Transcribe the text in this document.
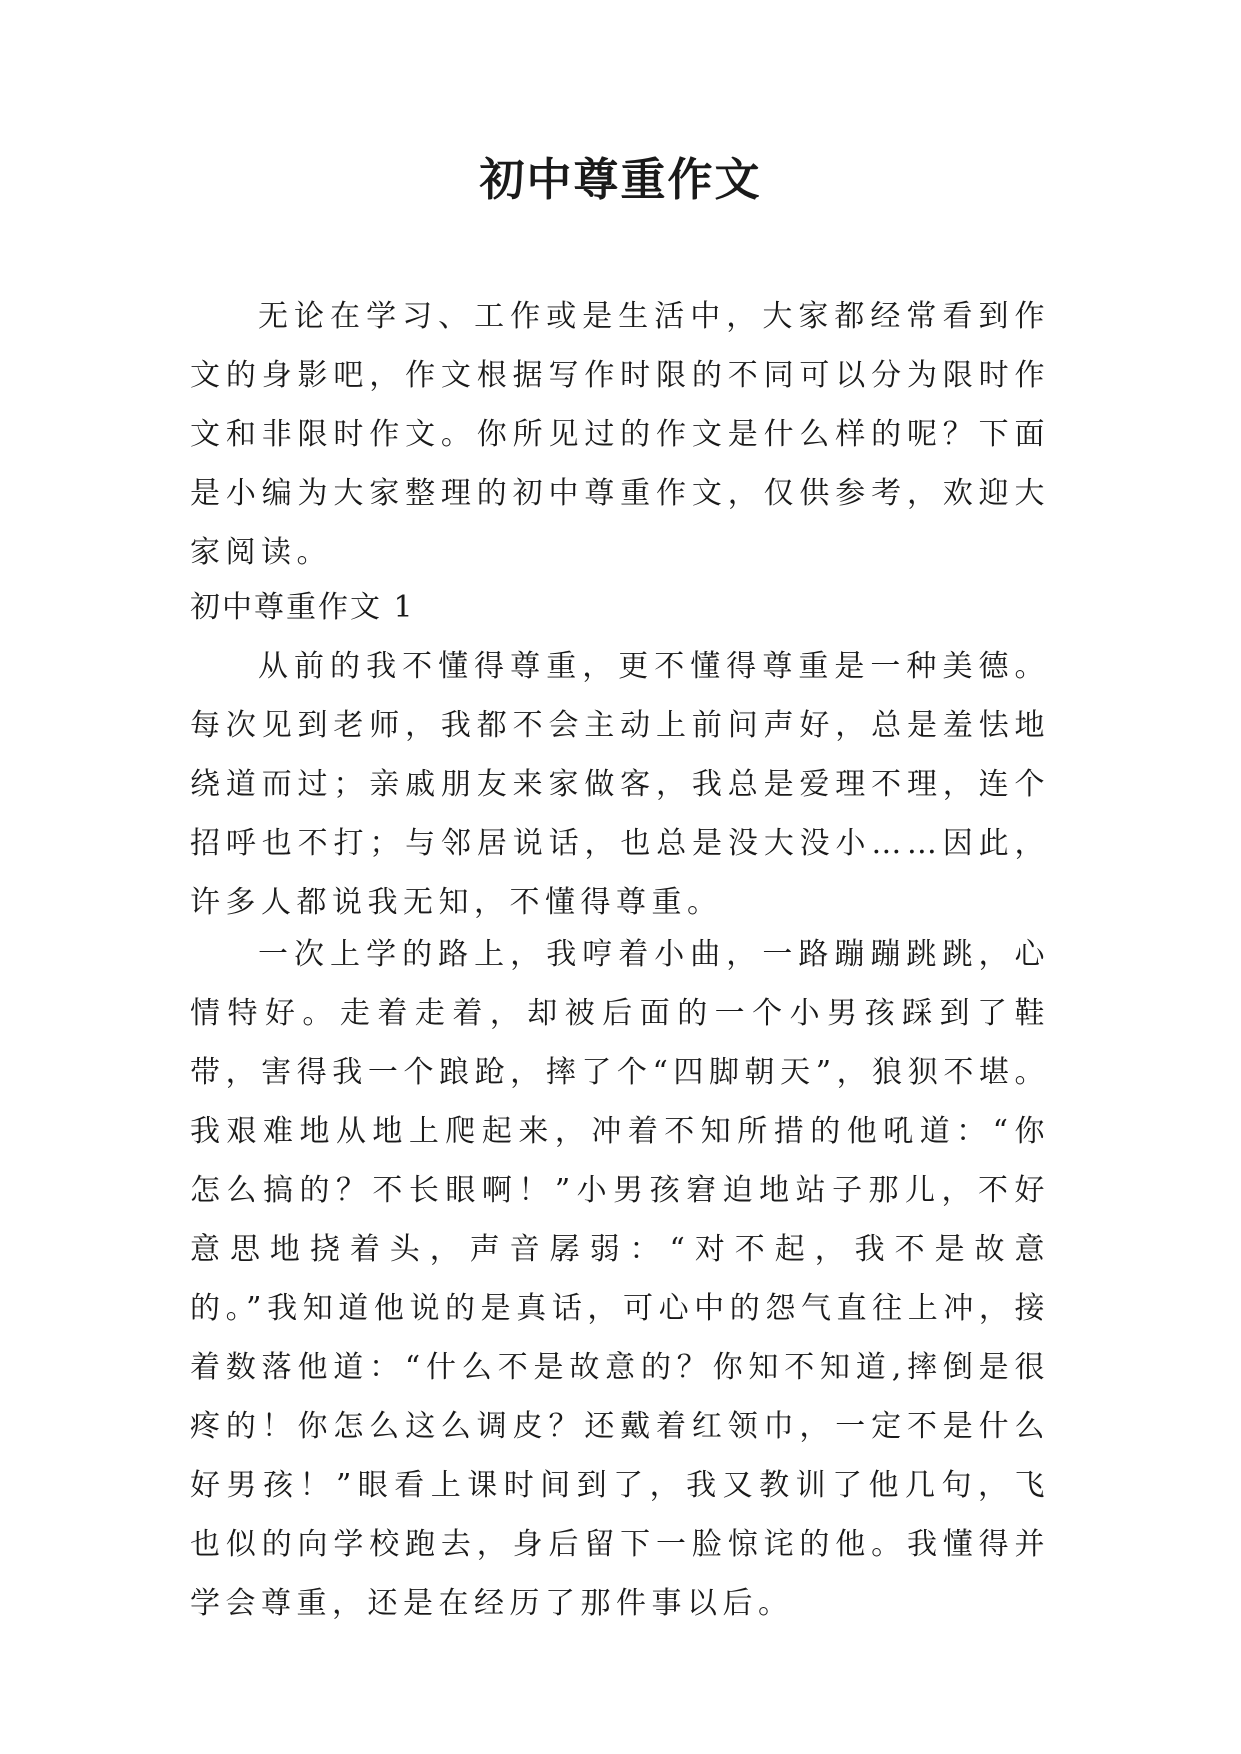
初中尊重作文

无论在学习、工作或是生活中，大家都经常看到作文的身影吧，作文根据写作时限的不同可以分为限时作文和非限时作文。你所见过的作文是什么样的呢？下面是小编为大家整理的初中尊重作文，仅供参考，欢迎大家阅读。

初中尊重作文 1

从前的我不懂得尊重，更不懂得尊重是一种美德。每次见到老师，我都不会主动上前问声好，总是羞怯地绕道而过；亲戚朋友来家做客，我总是爱理不理，连个招呼也不打；与邻居说话，也总是没大没小……因此，许多人都说我无知，不懂得尊重。

一次上学的路上，我哼着小曲，一路蹦蹦跳跳，心情特好。走着走着，却被后面的一个小男孩踩到了鞋带，害得我一个踉跄，摔了个“四脚朝天”，狼狈不堪。我艰难地从地上爬起来，冲着不知所措的他吼道：“你怎么搞的？不长眼啊！”小男孩窘迫地站子那儿，不好意思地挠着头，声音孱弱：“对不起，我不是故意的。”我知道他说的是真话，可心中的怨气直往上冲，接着数落他道：“什么不是故意的？你知不知道,摔倒是很疼的！你怎么这么调皮？还戴着红领巾，一定不是什么好男孩！”眼看上课时间到了，我又教训了他几句，飞也似的向学校跑去，身后留下一脸惊诧的他。我懂得并学会尊重，还是在经历了那件事以后。
